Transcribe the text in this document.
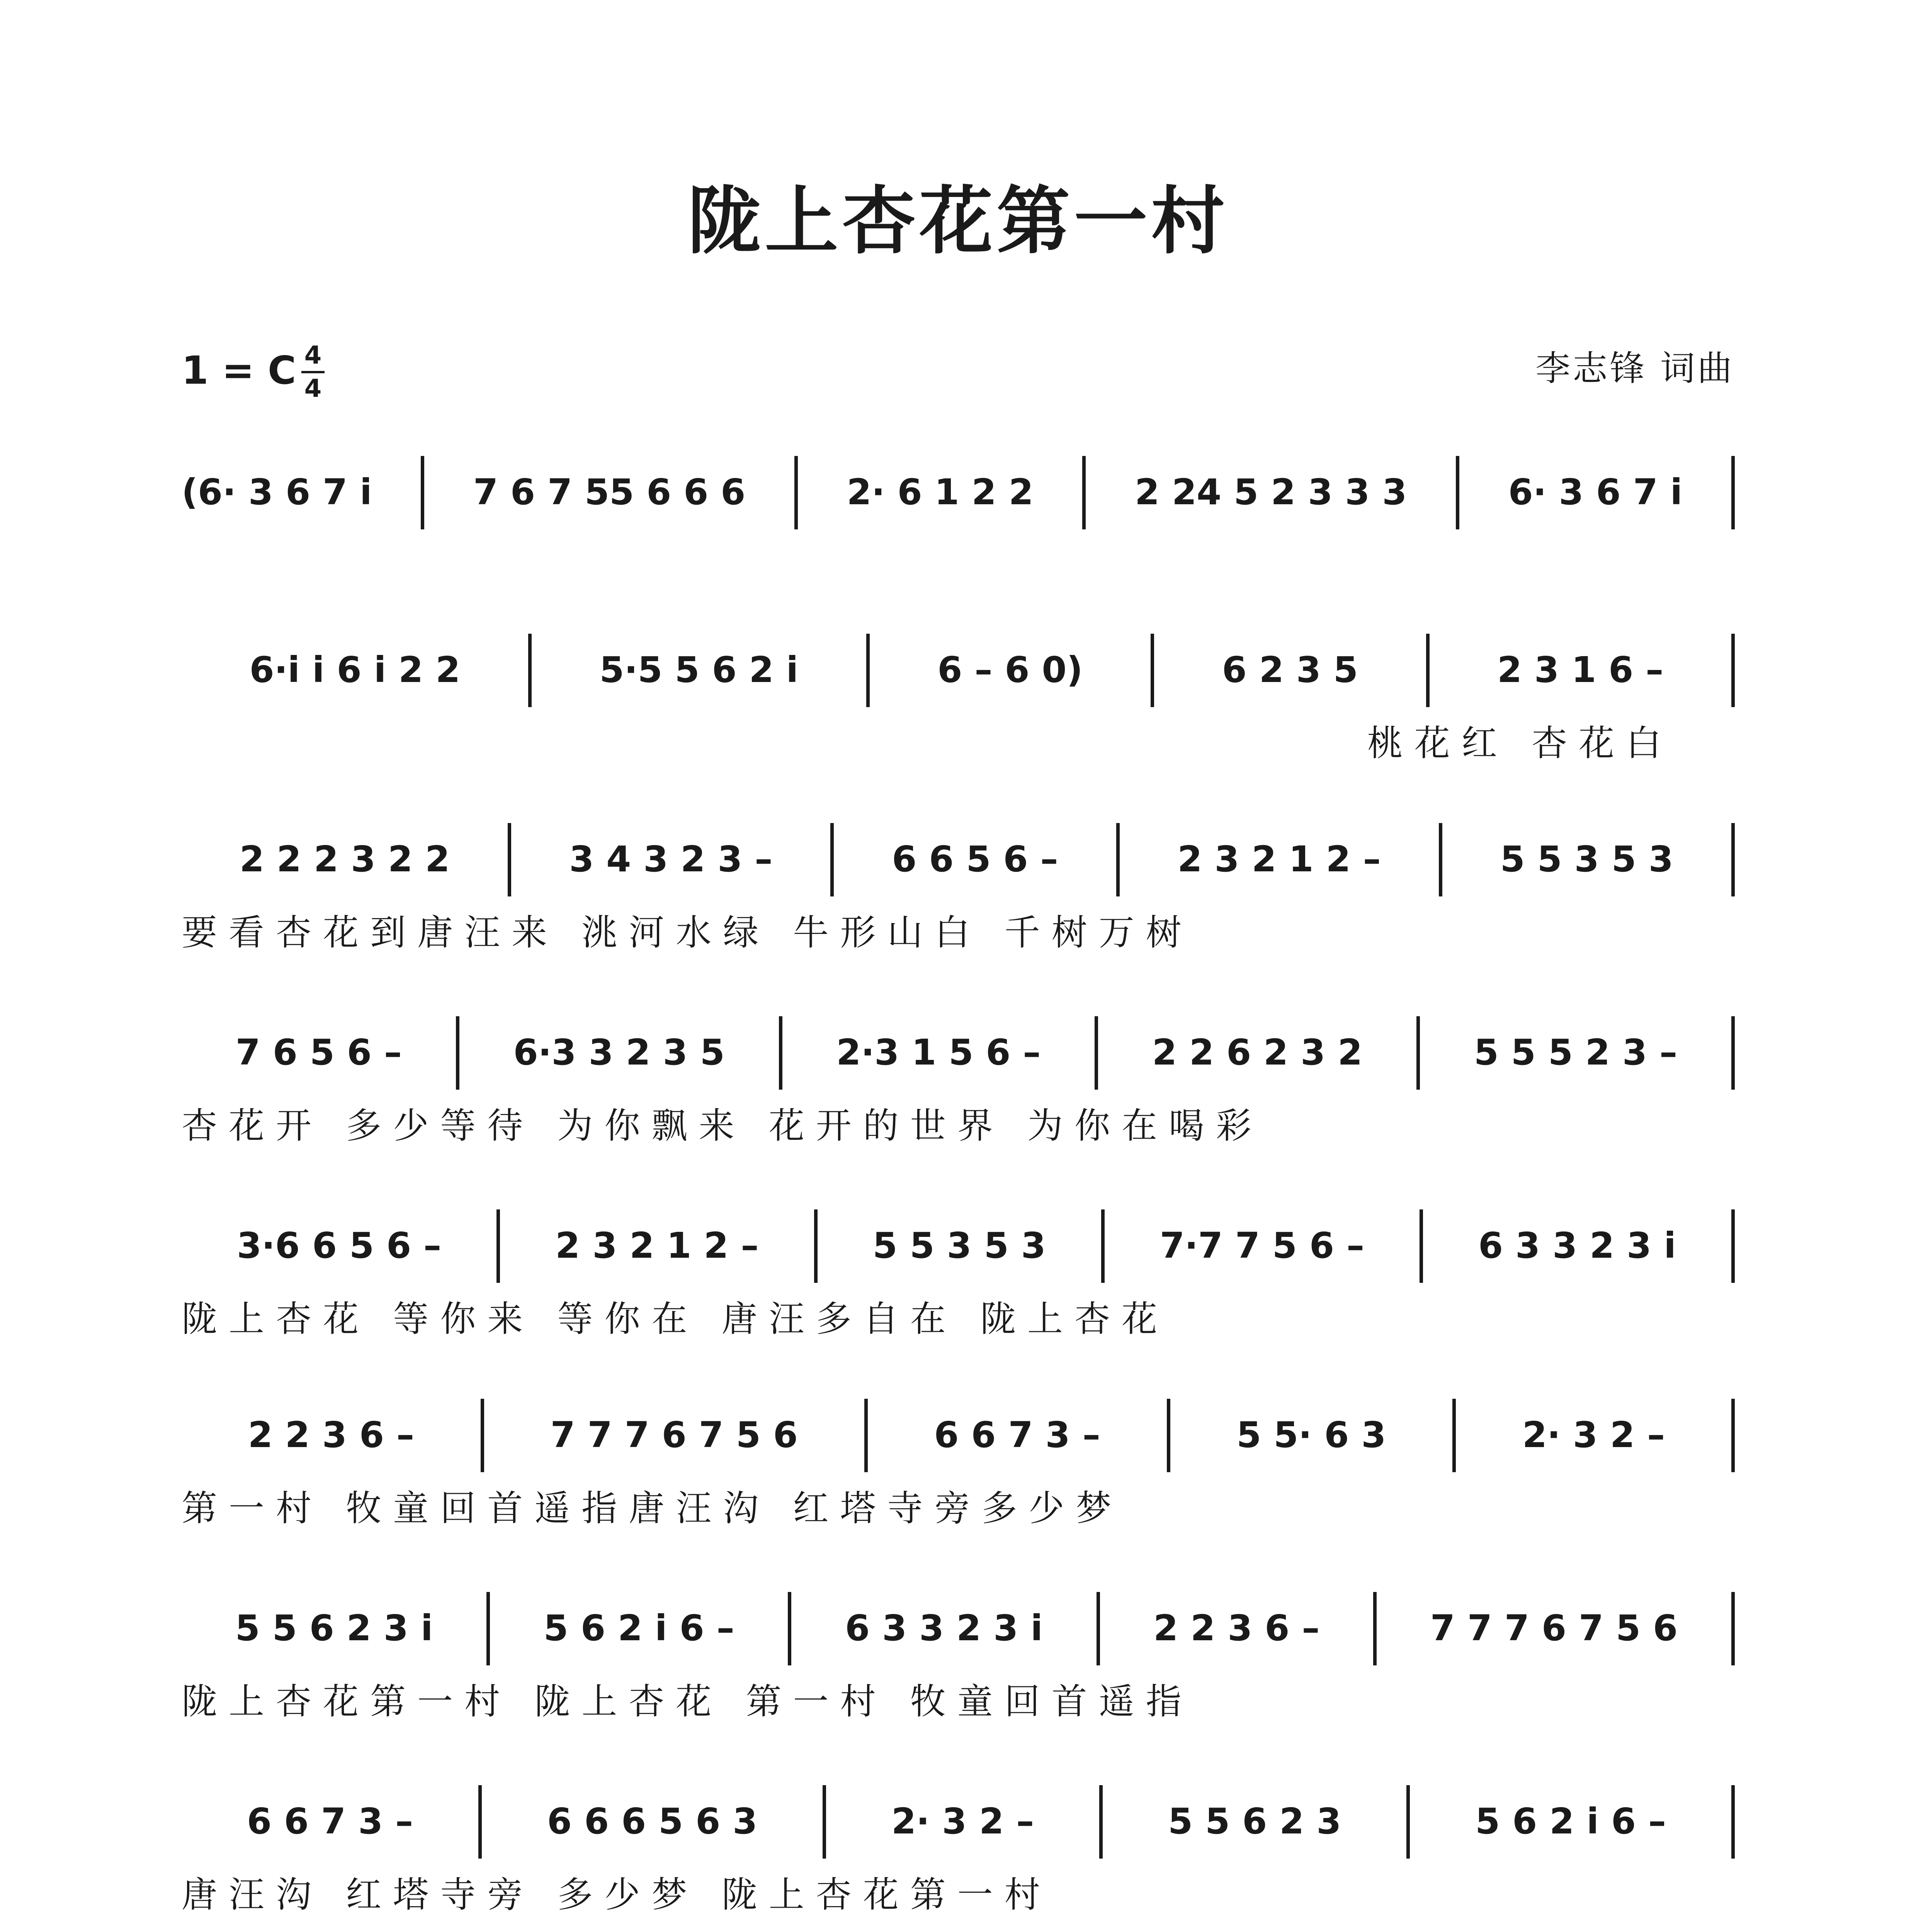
陇上杏花第一村
1 = C 4
4	李志锋 词曲
(6· 3 6 7 i	7 6 7 55 6 6 6	2· 6 1 2 2	2 24 5 2 3 3 3	6· 3 6 7 i
6·i i 6 i 2 2	5·5 5 6 2 i	6 – 6 0)	6 2 3 5	2 3 1 6 –
桃花红 杏花白
2 2 2 3 2 2	3 4 3 2 3 –	6 6 5 6 –	2 3 2 1 2 –	5 5 3 5 3
要看杏花到唐汪来 洮河水绿 牛形山白 千树万树
7 6 5 6 –	6·3 3 2 3 5	2·3 1 5 6 –	2 2 6 2 3 2	5 5 5 2 3 –
杏花开 多少等待 为你飘来 花开的世界 为你在喝彩
3·6 6 5 6 –	2 3 2 1 2 –	5 5 3 5 3	7·7 7 5 6 –	6 3 3 2 3 i
陇上杏花 等你来 等你在 唐汪多自在 陇上杏花
2 2 3 6 –	7 7 7 6 7 5 6	6 6 7 3 –	5 5· 6 3	2· 3 2 –
第一村 牧童回首遥指唐汪沟 红塔寺旁多少梦
5 5 6 2 3 i	5 6 2 i 6 –	6 3 3 2 3 i	2 2 3 6 –	7 7 7 6 7 5 6
陇上杏花第一村 陇上杏花 第一村 牧童回首遥指
6 6 7 3 –	6 6 6 5 6 3	2· 3 2 –	5 5 6 2 3	5 6 2 i 6 –
唐汪沟 红塔寺旁 多少梦 陇上杏花第一村
